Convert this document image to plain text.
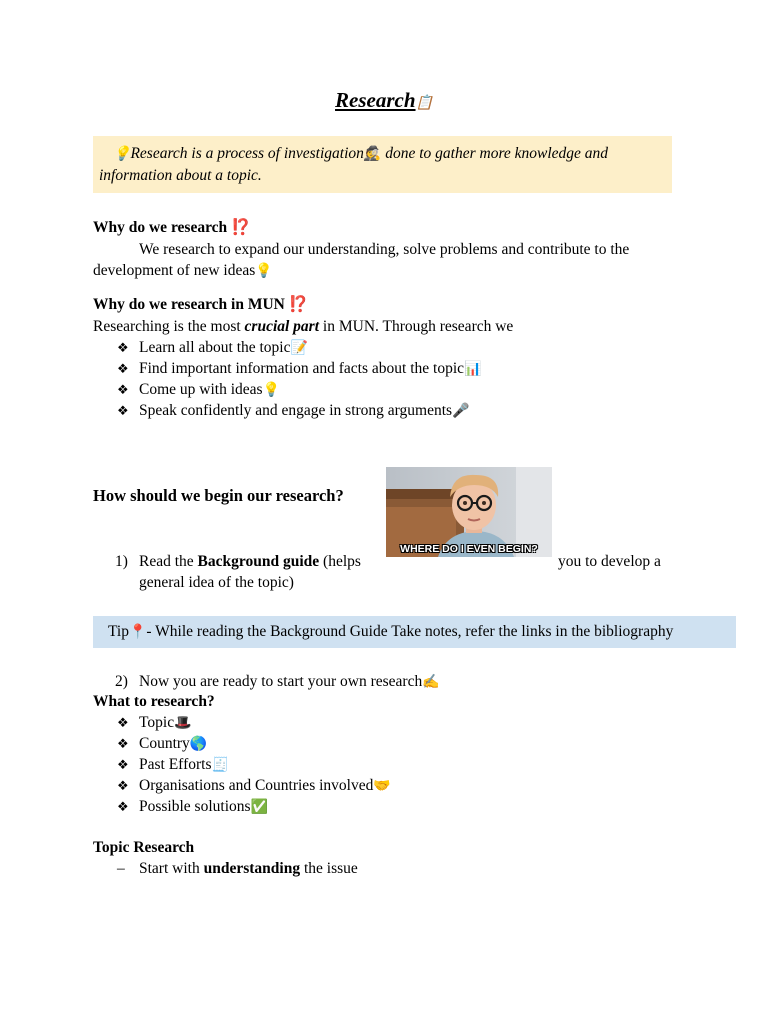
Research📋
💡Research is a process of investigation🕵️ done to gather more knowledge and
information about a topic.
Why do we research ⁉️
We research to expand our understanding, solve problems and contribute to the
development of new ideas💡
Why do we research in MUN ⁉️
Researching is the most crucial part in MUN. Through research we
❖ Learn all about the topic📝
❖ Find important information and facts about the topic📊
❖ Come up with ideas💡
❖ Speak confidently and engage in strong arguments🎤
How should we begin our research?
WHERE DO I EVEN BEGIN?
1) Read the Background guide (helps	you to develop a
general idea of the topic)
Tip📍- While reading the Background Guide Take notes, refer the links in the bibliography
2) Now you are ready to start your own research✍️
What to research?
❖ Topic🎩
❖ Country🌎
❖ Past Efforts🧾
❖ Organisations and Countries involved🤝
❖ Possible solutions✅
Topic Research
– Start with understanding the issue
